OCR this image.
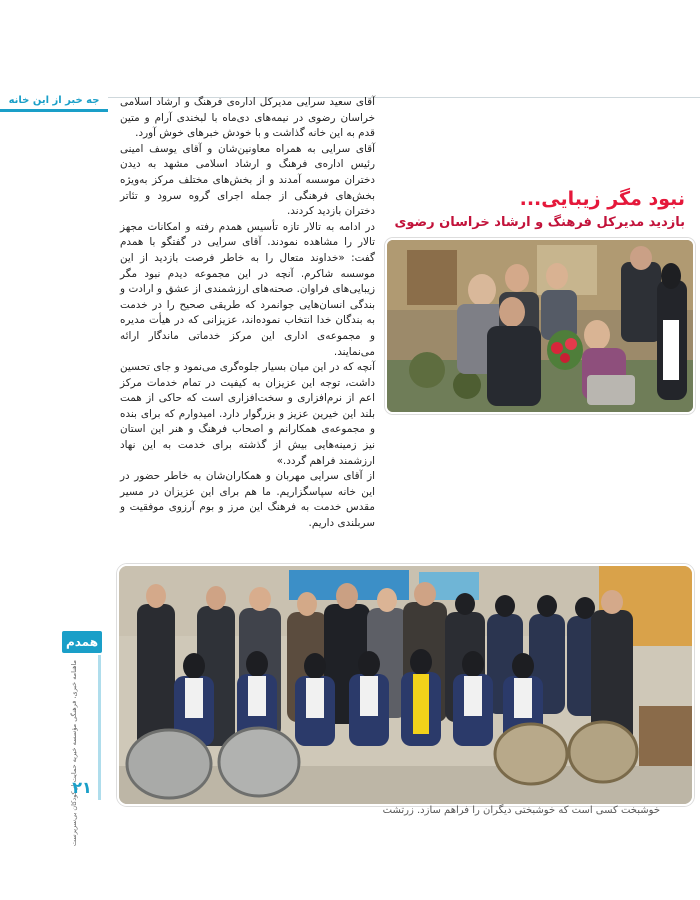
جه خبر از این خانه	آقای سعید سرایی مدیرکل اداره‌ی فرهنگ و ارشاد اسلامی خراسان رضوی در نیمه‌های دی‌ماه با لبخندی آرام و متین قدم به این خانه گذاشت و با خودش خبرهای خوش آورد.

آقای سرایی به همراه معاونین‌شان و آقای یوسف امینی رئیس اداره‌ی فرهنگ و ارشاد اسلامی مشهد به دیدن دختران موسسه آمدند و از بخش‌های مختلف مرکز به‌ویژه بخش‌های فرهنگی از جمله اجرای گروه سرود و تئاتر دختران بازدید کردند.

در ادامه به تالار تازه تأسیس همدم رفته و امکانات مجهز تالار را مشاهده نمودند. آقای سرایی در گفتگو با همدم گفت: «خداوند متعال را به خاطر فرصت بازدید از این موسسه شاکرم. آنچه در این مجموعه دیدم نبود مگر زیبایی‌های فراوان. صحنه‌های ارزشمندی از عشق و ارادت و بندگی انسان‌هایی جوانمرد که طریقی صحیح را در خدمت به بندگان خدا انتخاب نموده‌اند، عزیزانی که در هیأت مدیره و مجموعه‌ی اداری این مرکز خدماتی ماندگار ارائه می‌نمایند.

آنچه که در این میان بسیار جلوه‌گری می‌نمود و جای تحسین داشت، توجه این عزیزان به کیفیت در تمام خدمات مرکز اعم از نرم‌افزاری و سخت‌افزاری است که حاکی از همت بلند این خیرین عزیز و بزرگوار دارد. امیدوارم که برای بنده و مجموعه‌ی همکارانم و اصحاب فرهنگ و هنر این استان نیز زمینه‌هایی بیش از گذشته برای خدمت به این نهاد ارزشمند فراهم گردد.»

از آقای سرایی مهربان و همکاران‌شان به خاطر حضور در این خانه سپاسگزاریم. ما هم برای این عزیزان در مسیر مقدس خدمت به فرهنگ این مرز و بوم آرزوی موفقیت و سربلندی داریم.

نبود مگر زیبایی...
بازدید مدیرکل فرهنگ و ارشاد خراسان رضوی
خوشبخت کسی است که خوشبختی دیگران را فراهم سازد. زرتشت
همدم
ماهنامه خبری، فرهنگی مؤسسه خیریه حمایت از کودکان بی‌سرپرست
۲۱
